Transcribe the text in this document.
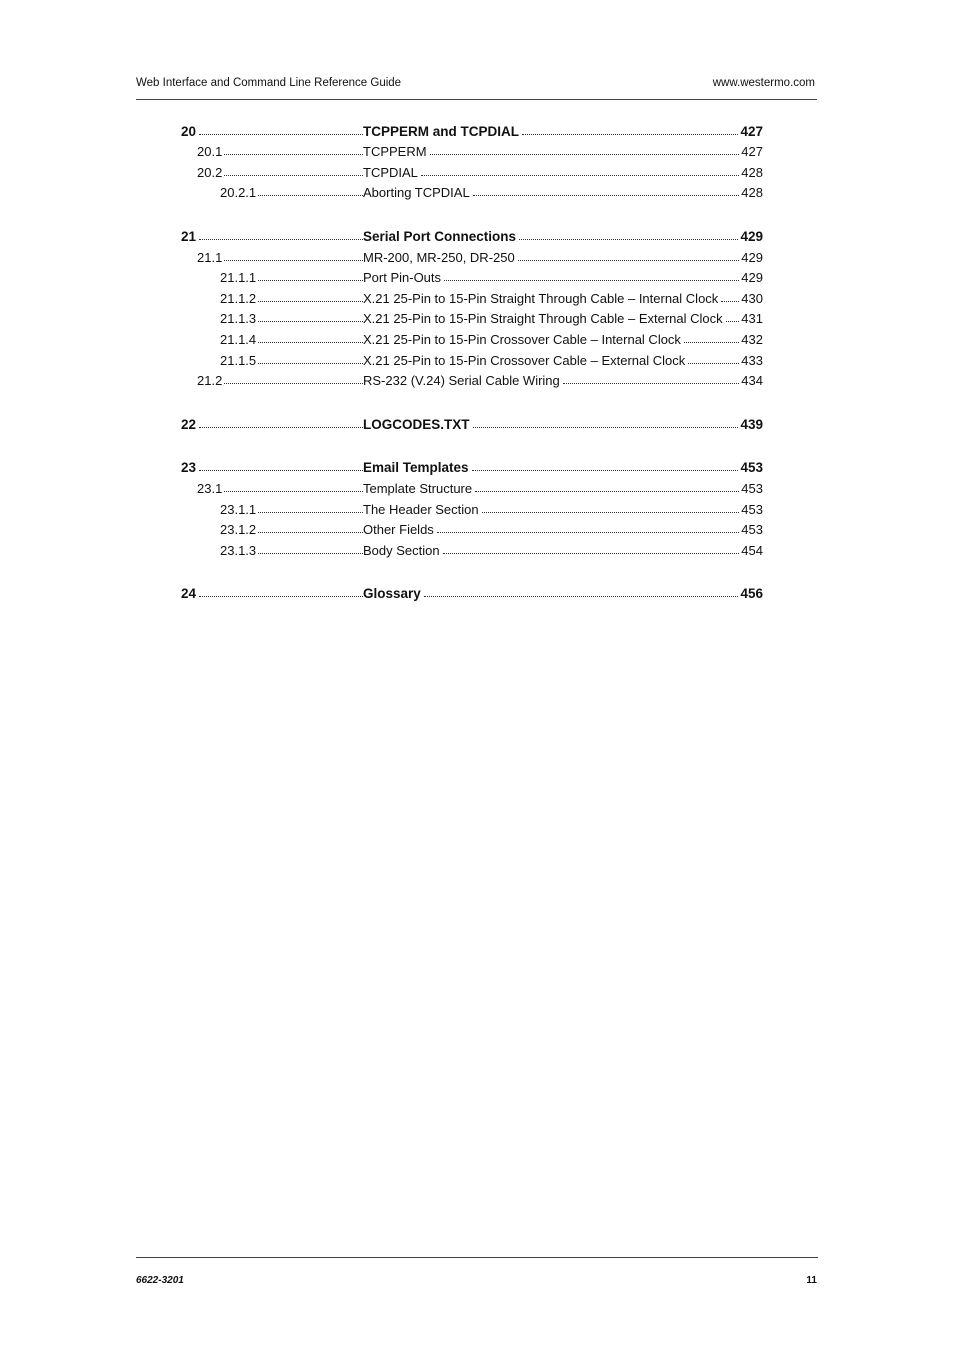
Web Interface and Command Line Reference Guide	www.westermo.com
20	TCPPERM and TCPDIAL	427
20.1	TCPPERM	427
20.2	TCPDIAL	428
20.2.1	Aborting TCPDIAL	428
21	Serial Port Connections	429
21.1	MR-200, MR-250, DR-250	429
21.1.1	Port Pin-Outs	429
21.1.2	X.21 25-Pin to 15-Pin Straight Through Cable – Internal Clock 430
21.1.3	X.21 25-Pin to 15-Pin Straight Through Cable – External Clock 431
21.1.4	X.21 25-Pin to 15-Pin Crossover Cable – Internal Clock	432
21.1.5	X.21 25-Pin to 15-Pin Crossover Cable – External Clock	433
21.2	RS-232 (V.24) Serial Cable Wiring	434
22	LOGCODES.TXT	439
23	Email Templates	453
23.1	Template Structure	453
23.1.1	The Header Section	453
23.1.2	Other Fields	453
23.1.3	Body Section	454
24	Glossary	456
6622-3201	11
